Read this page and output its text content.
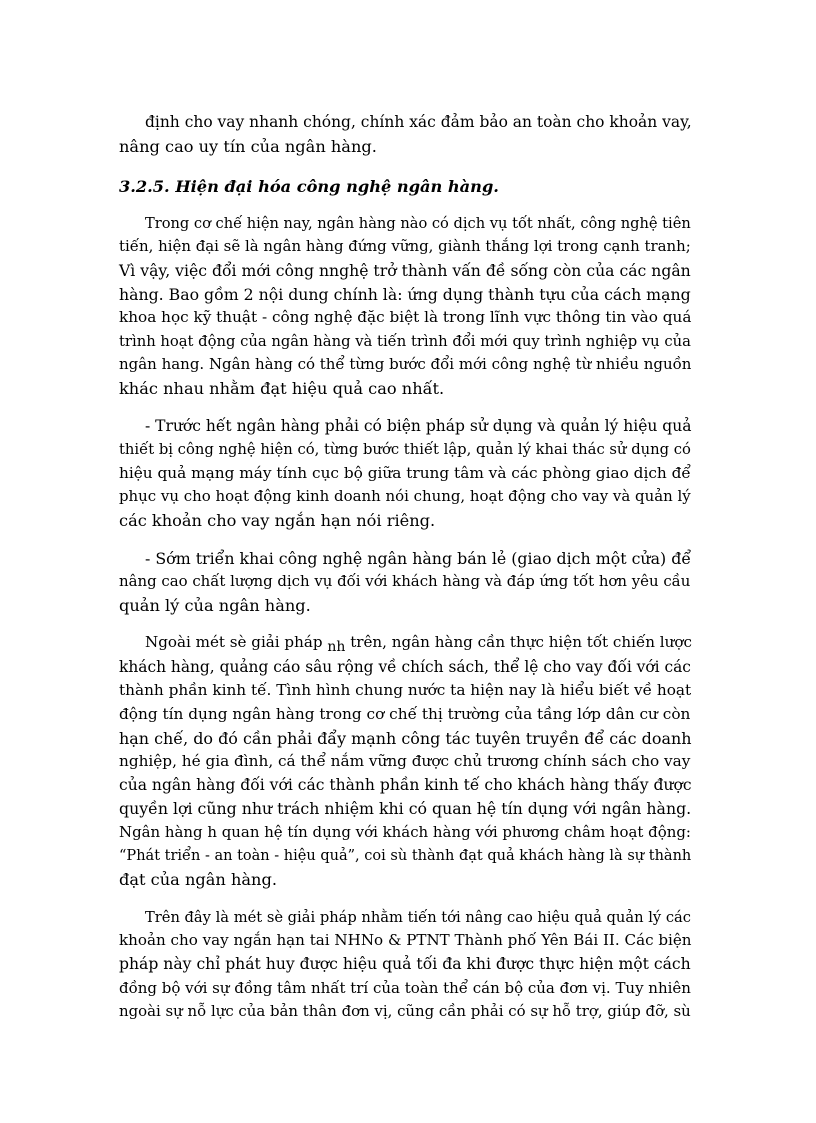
định cho vay nhanh chóng, chính xác đảm bảo an toàn cho khoản vay,
nâng cao uy tín của ngân hàng.
3.2.5. Hiện đại hóa công nghệ ngân hàng.
Trong cơ chế hiện nay, ngân hàng nào có dịch vụ tốt nhất, công nghệ tiên
tiến, hiện đại sẽ là ngân hàng đứng vững, giành thắng lợi trong cạnh tranh;
Vì vậy, việc đổi mới công nnghệ trở thành vấn đề sống còn của các ngân
hàng. Bao gồm 2 nội dung chính là: ứng dụng thành tựu của cách mạng
khoa học kỹ thuật - công nghệ đặc biệt là trong lĩnh vực thông tin vào quá
trình hoạt động của ngân hàng và tiến trình đổi mới quy trình nghiệp vụ của
ngân hang. Ngân hàng có thể từng bước đổi mới công nghệ từ nhiều nguồn
khác nhau nhằm đạt hiệu quả cao nhất.
- Trước hết ngân hàng phải có biện pháp sử dụng và quản lý hiệu quả
thiết bị công nghệ hiện có, từng bước thiết lập, quản lý khai thác sử dụng có
hiệu quả mạng máy tính cục bộ giữa trung tâm và các phòng giao dịch để
phục vụ cho hoạt động kinh doanh nói chung, hoạt động cho vay và quản lý
các khoản cho vay ngắn hạn nói riêng.
- Sớm triển khai công nghệ ngân hàng bán lẻ (giao dịch một cửa) để
nâng cao chất lượng dịch vụ đối với khách hàng và đáp ứng tốt hơn yêu cầu
quản lý của ngân hàng.
Ngoài mét sè giải pháp nh trên, ngân hàng cần thực hiện tốt chiến lược
khách hàng, quảng cáo sâu rộng về chích sách, thể lệ cho vay đối với các
thành phần kinh tế. Tình hình chung nước ta hiện nay là hiểu biết về hoạt
động tín dụng ngân hàng trong cơ chế thị trường của tầng lớp dân cư còn
hạn chế, do đó cần phải đẩy mạnh công tác tuyên truyền để các doanh
nghiệp, hé gia đình, cá thể nắm vững được chủ trương chính sách cho vay
của ngân hàng đối với các thành phần kinh tế cho khách hàng thấy được
quyền lợi cũng như trách nhiệm khi có quan hệ tín dụng với ngân hàng.
Ngân hàng h quan hệ tín dụng với khách hàng với phương châm hoạt động:
“Phát triển - an toàn - hiệu quả”, coi sù thành đạt quả khách hàng là sự thành
đạt của ngân hàng.
Trên đây là mét sè giải pháp nhằm tiến tới nâng cao hiệu quả quản lý các
khoản cho vay ngắn hạn tai NHNo & PTNT Thành phố Yên Bái II. Các biện
pháp này chỉ phát huy được hiệu quả tối đa khi được thực hiện một cách
đồng bộ với sự đồng tâm nhất trí của toàn thể cán bộ của đơn vị. Tuy nhiên
ngoài sự nỗ lực của bản thân đơn vị, cũng cần phải có sự hỗ trợ, giúp đỡ, sù
